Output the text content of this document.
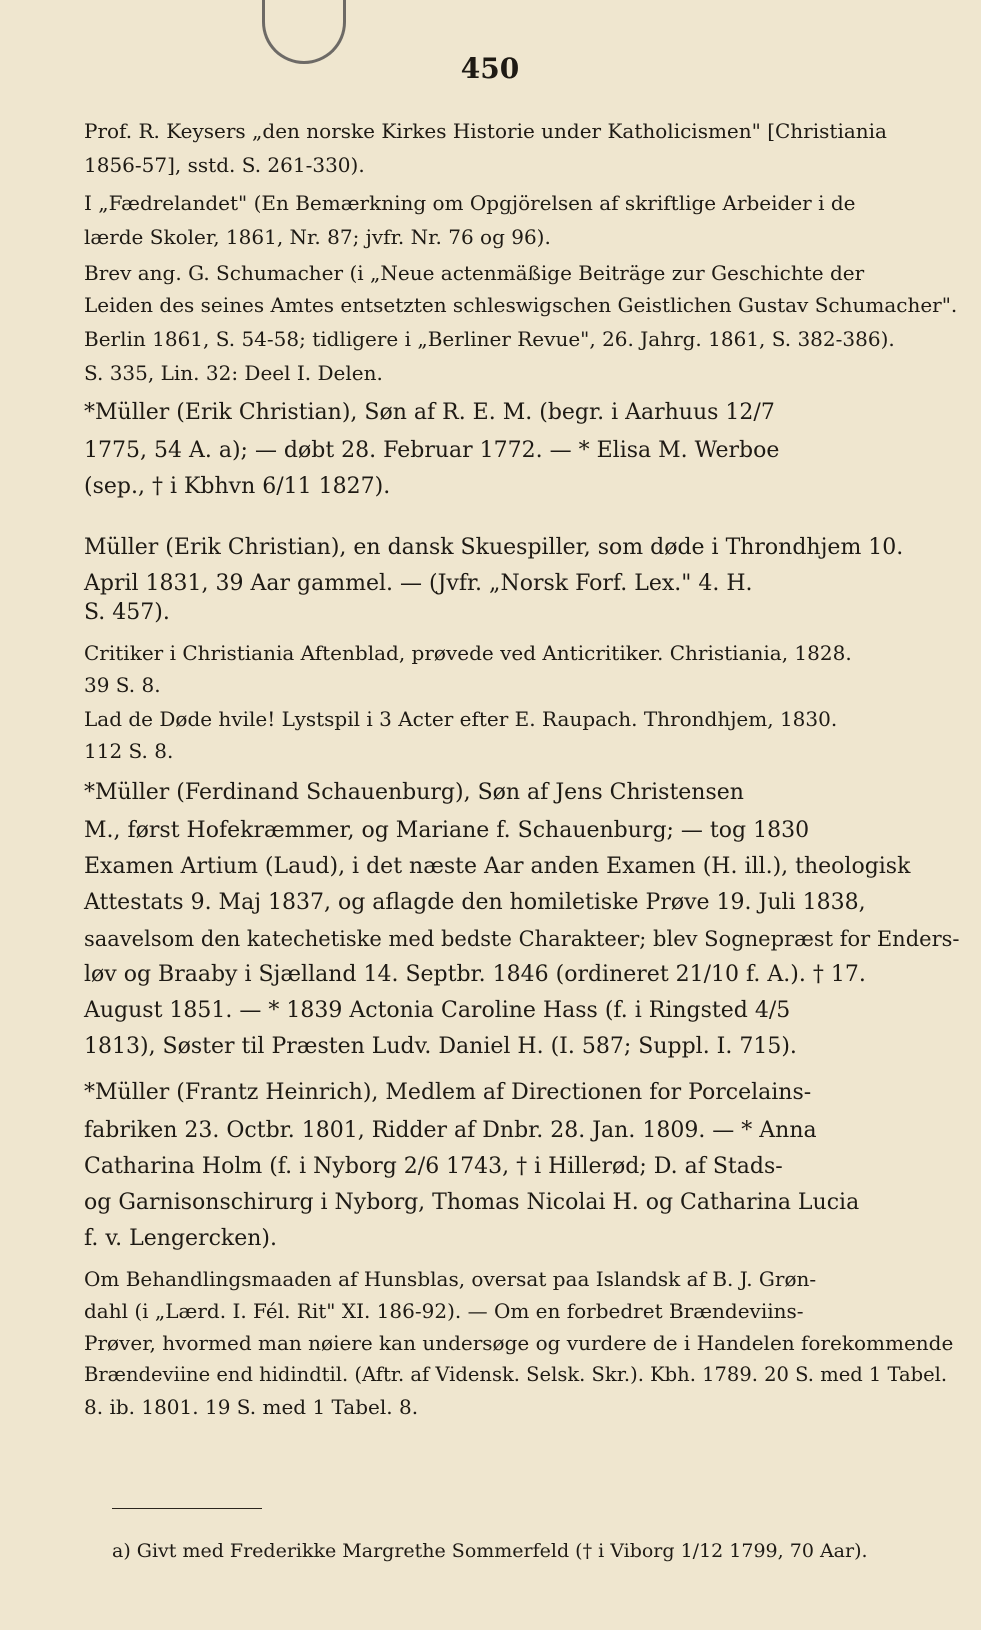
450
Prof. R. Keysers „den norske Kirkes Historie under Katholicismen" [Christiania
1856-57], sstd. S. 261-330).
I „Fædrelandet" (En Bemærkning om Opgjörelsen af skriftlige Arbeider i de
lærde Skoler, 1861, Nr. 87; jvfr. Nr. 76 og 96).
Brev ang. G. Schumacher (i „Neue actenmäßige Beiträge zur Geschichte der
Leiden des seines Amtes entsetzten schleswigschen Geistlichen Gustav Schumacher".
Berlin 1861, S. 54-58; tidligere i „Berliner Revue", 26. Jahrg. 1861, S. 382-386).
S. 335, Lin. 32: Deel I. Delen.
*Müller (Erik Christian), Søn af R. E. M. (begr. i Aarhuus 12/7
1775, 54 A. a); — døbt 28. Februar 1772. — * Elisa M. Werboe
(sep., † i Kbhvn 6/11 1827).
Müller (Erik Christian), en dansk Skuespiller, som døde i Throndhjem 10. April 1831, 39 Aar gammel. — (Jvfr. „Norsk Forf. Lex." 4. H.
S. 457).
Critiker i Christiania Aftenblad, prøvede ved Anticritiker. Christiania, 1828.
39 S. 8.
Lad de Døde hvile! Lystspil i 3 Acter efter E. Raupach. Throndhjem, 1830.
112 S. 8.
*Müller (Ferdinand Schauenburg), Søn af Jens Christensen
M., først Hofekræmmer, og Mariane f. Schauenburg; — tog 1830
Examen Artium (Laud), i det næste Aar anden Examen (H. ill.), theologisk
Attestats 9. Maj 1837, og aflagde den homiletiske Prøve 19. Juli 1838,
saavelsom den katechetiske med bedste Charakteer; blev Sognepræst for Enders-
løv og Braaby i Sjælland 14. Septbr. 1846 (ordineret 21/10 f. A.). † 17.
August 1851. — * 1839 Actonia Caroline Hass (f. i Ringsted 4/5
1813), Søster til Præsten Ludv. Daniel H. (I. 587; Suppl. I. 715).
*Müller (Frantz Heinrich), Medlem af Directionen for Porcelains-
fabriken 23. Octbr. 1801, Ridder af Dnbr. 28. Jan. 1809. — * Anna
Catharina Holm (f. i Nyborg 2/6 1743, † i Hillerød; D. af Stads-
og Garnisonschirurg i Nyborg, Thomas Nicolai H. og Catharina Lucia
f. v. Lengercken).
Om Behandlingsmaaden af Hunsblas, oversat paa Islandsk af B. J. Grøn-
dahl (i „Lærd. I. Fél. Rit" XI. 186-92). — Om en forbedret Brændeviins-
Prøver, hvormed man nøiere kan undersøge og vurdere de i Handelen forekommende
Brændeviine end hidindtil. (Aftr. af Vidensk. Selsk. Skr.). Kbh. 1789. 20 S. med 1 Tabel.
8. ib. 1801. 19 S. med 1 Tabel. 8.
a) Givt med Frederikke Margrethe Sommerfeld († i Viborg 1/12 1799, 70 Aar).
